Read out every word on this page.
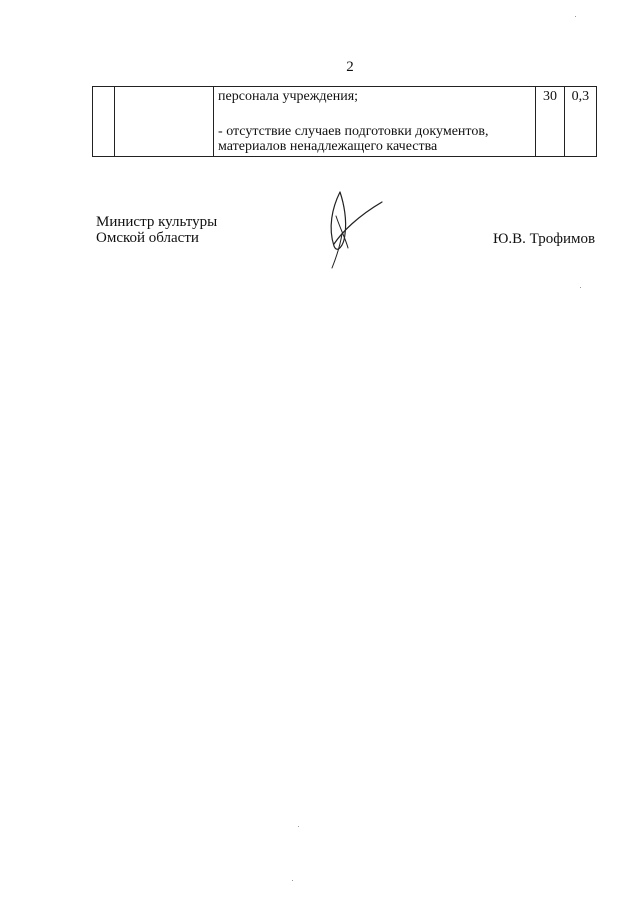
2

персонала учреждения;
- отсутствие случаев подготовки документов,
материалов ненадлежащего качества
	30	0,3
Министр культуры
Омской области	Ю.В. Трофимов
